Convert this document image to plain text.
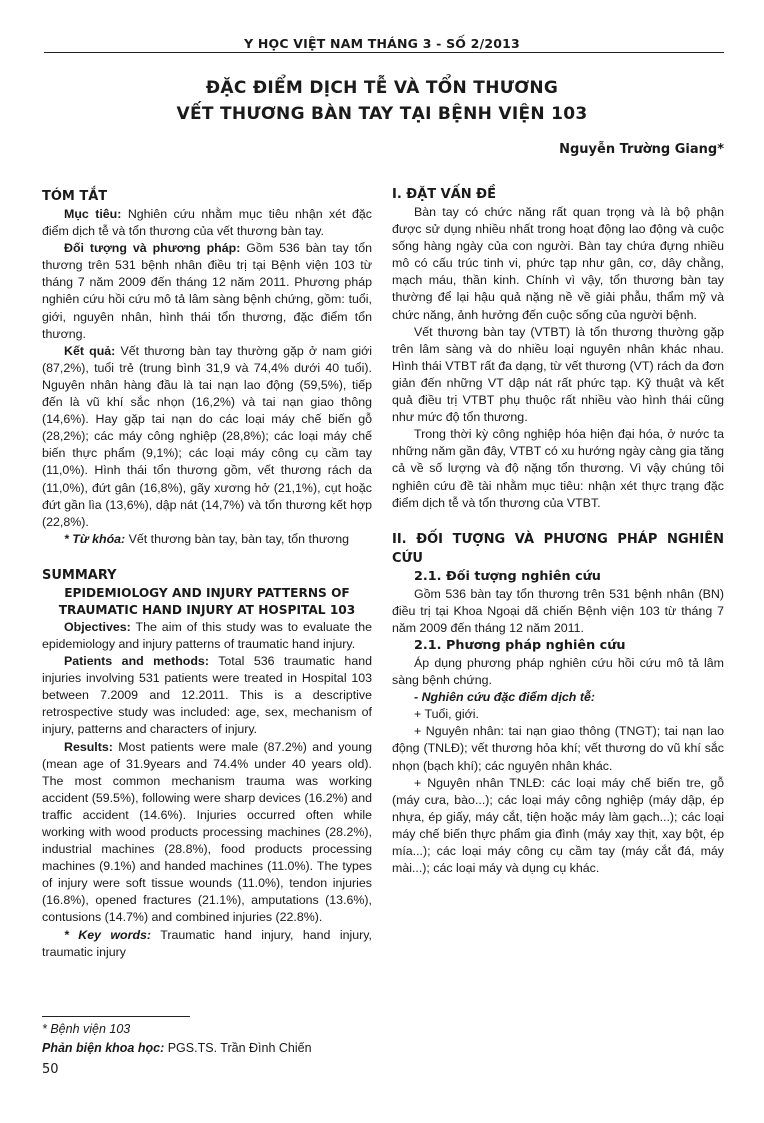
Y HỌC VIỆT NAM THÁNG 3 - SỐ 2/2013
ĐẶC ĐIỂM DỊCH TỄ VÀ TỔN THƯƠNG
VẾT THƯƠNG BÀN TAY TẠI BỆNH VIỆN 103
Nguyễn Trường Giang*

TÓM TẮT

Mục tiêu: Nghiên cứu nhằm mục tiêu nhận xét đặc điểm dịch tễ và tổn thương của vết thương bàn tay.

Đối tượng và phương pháp: Gồm 536 bàn tay tổn thương trên 531 bệnh nhân điều trị tại Bệnh viện 103 từ tháng 7 năm 2009 đến tháng 12 năm 2011. Phương pháp nghiên cứu hồi cứu mô tả lâm sàng bệnh chứng, gồm: tuổi, giới, nguyên nhân, hình thái tổn thương, đặc điểm tổn thương.

Kết quả: Vết thương bàn tay thường gặp ở nam giới (87,2%), tuổi trẻ (trung bình 31,9 và 74,4% dưới 40 tuổi). Nguyên nhân hàng đầu là tai nạn lao động (59,5%), tiếp đến là vũ khí sắc nhọn (16,2%) và tai nạn giao thông (14,6%). Hay gặp tai nạn do các loại máy chế biến gỗ (28,2%); các máy công nghiệp (28,8%); các loại máy chế biến thực phẩm (9,1%); các loại máy công cụ cầm tay (11,0%). Hình thái tổn thương gồm, vết thương rách da (11,0%), đứt gân (16,8%), gãy xương hở (21,1%), cụt hoặc đứt gần lìa (13,6%), dập nát (14,7%) và tổn thương kết hợp (22,8%).

* Từ khóa: Vết thương bàn tay, bàn tay, tổn thương

SUMMARY

EPIDEMIOLOGY AND INJURY PATTERNS OF TRAUMATIC HAND INJURY AT HOSPITAL 103

Objectives: The aim of this study was to evaluate the epidemiology and injury patterns of traumatic hand injury.

Patients and methods: Total 536 traumatic hand injuries involving 531 patients were treated in Hospital 103 between 7.2009 and 12.2011. This is a descriptive retrospective study was included: age, sex, mechanism of injury, patterns and characters of injury.

Results: Most patients were male (87.2%) and young (mean age of 31.9years and 74.4% under 40 years old). The most common mechanism trauma was working accident (59.5%), following were sharp devices (16.2%) and traffic accident (14.6%). Injuries occurred often while working with wood products processing machines (28.2%), industrial machines (28.8%), food products processing machines (9.1%) and handed machines (11.0%). The types of injury were soft tissue wounds (11.0%), tendon injuries (16.8%), opened fractures (21.1%), amputations (13.6%), contusions (14.7%) and combined injuries (22.8%).

* Key words: Traumatic hand injury, hand injury, traumatic injury

I. ĐẶT VẤN ĐỀ

Bàn tay có chức năng rất quan trọng và là bộ phận được sử dụng nhiều nhất trong hoạt động lao động và cuộc sống hàng ngày của con người. Bàn tay chứa đựng nhiều mô có cấu trúc tinh vi, phức tạp như gân, cơ, dây chằng, mạch máu, thần kinh. Chính vì vậy, tổn thương bàn tay thường để lại hậu quả nặng nề về giải phẫu, thẩm mỹ và chức năng, ảnh hưởng đến cuộc sống của người bệnh.

Vết thương bàn tay (VTBT) là tổn thương thường gặp trên lâm sàng và do nhiều loại nguyên nhân khác nhau. Hình thái VTBT rất đa dạng, từ vết thương (VT) rách da đơn giản đến những VT dập nát rất phức tạp. Kỹ thuật và kết quả điều trị VTBT phụ thuộc rất nhiều vào hình thái cũng như mức độ tổn thương.

Trong thời kỳ công nghiệp hóa hiện đại hóa, ở nước ta những năm gần đây, VTBT có xu hướng ngày càng gia tăng cả về số lượng và độ nặng tổn thương. Vì vậy chúng tôi nghiên cứu đề tài nhằm mục tiêu: nhận xét thực trạng đặc điểm dịch tễ và tổn thương của VTBT.

II. ĐỐI TƯỢNG VÀ PHƯƠNG PHÁP NGHIÊN CỨU

2.1. Đối tượng nghiên cứu

Gồm 536 bàn tay tổn thương trên 531 bệnh nhân (BN) điều trị tại Khoa Ngoại dã chiến Bệnh viện 103 từ tháng 7 năm 2009 đến tháng 12 năm 2011.

2.1. Phương pháp nghiên cứu

Áp dụng phương pháp nghiên cứu hồi cứu mô tả lâm sàng bệnh chứng.

- Nghiên cứu đặc điểm dịch tễ:

+ Tuổi, giới.

+ Nguyên nhân: tai nạn giao thông (TNGT); tai nạn lao động (TNLĐ); vết thương hỏa khí; vết thương do vũ khí sắc nhọn (bạch khí); các nguyên nhân khác.

+ Nguyên nhân TNLĐ: các loại máy chế biến tre, gỗ (máy cưa, bào...); các loại máy công nghiệp (máy dập, ép nhựa, ép giấy, máy cắt, tiện hoặc máy làm gạch...); các loại máy chế biến thực phẩm gia đình (máy xay thịt, xay bột, ép mía...); các loại máy công cụ cầm tay (máy cắt đá, máy mài...); các loại máy và dụng cụ khác.

* Bệnh viện 103
Phản biện khoa học: PGS.TS. Trần Đình Chiến
50
